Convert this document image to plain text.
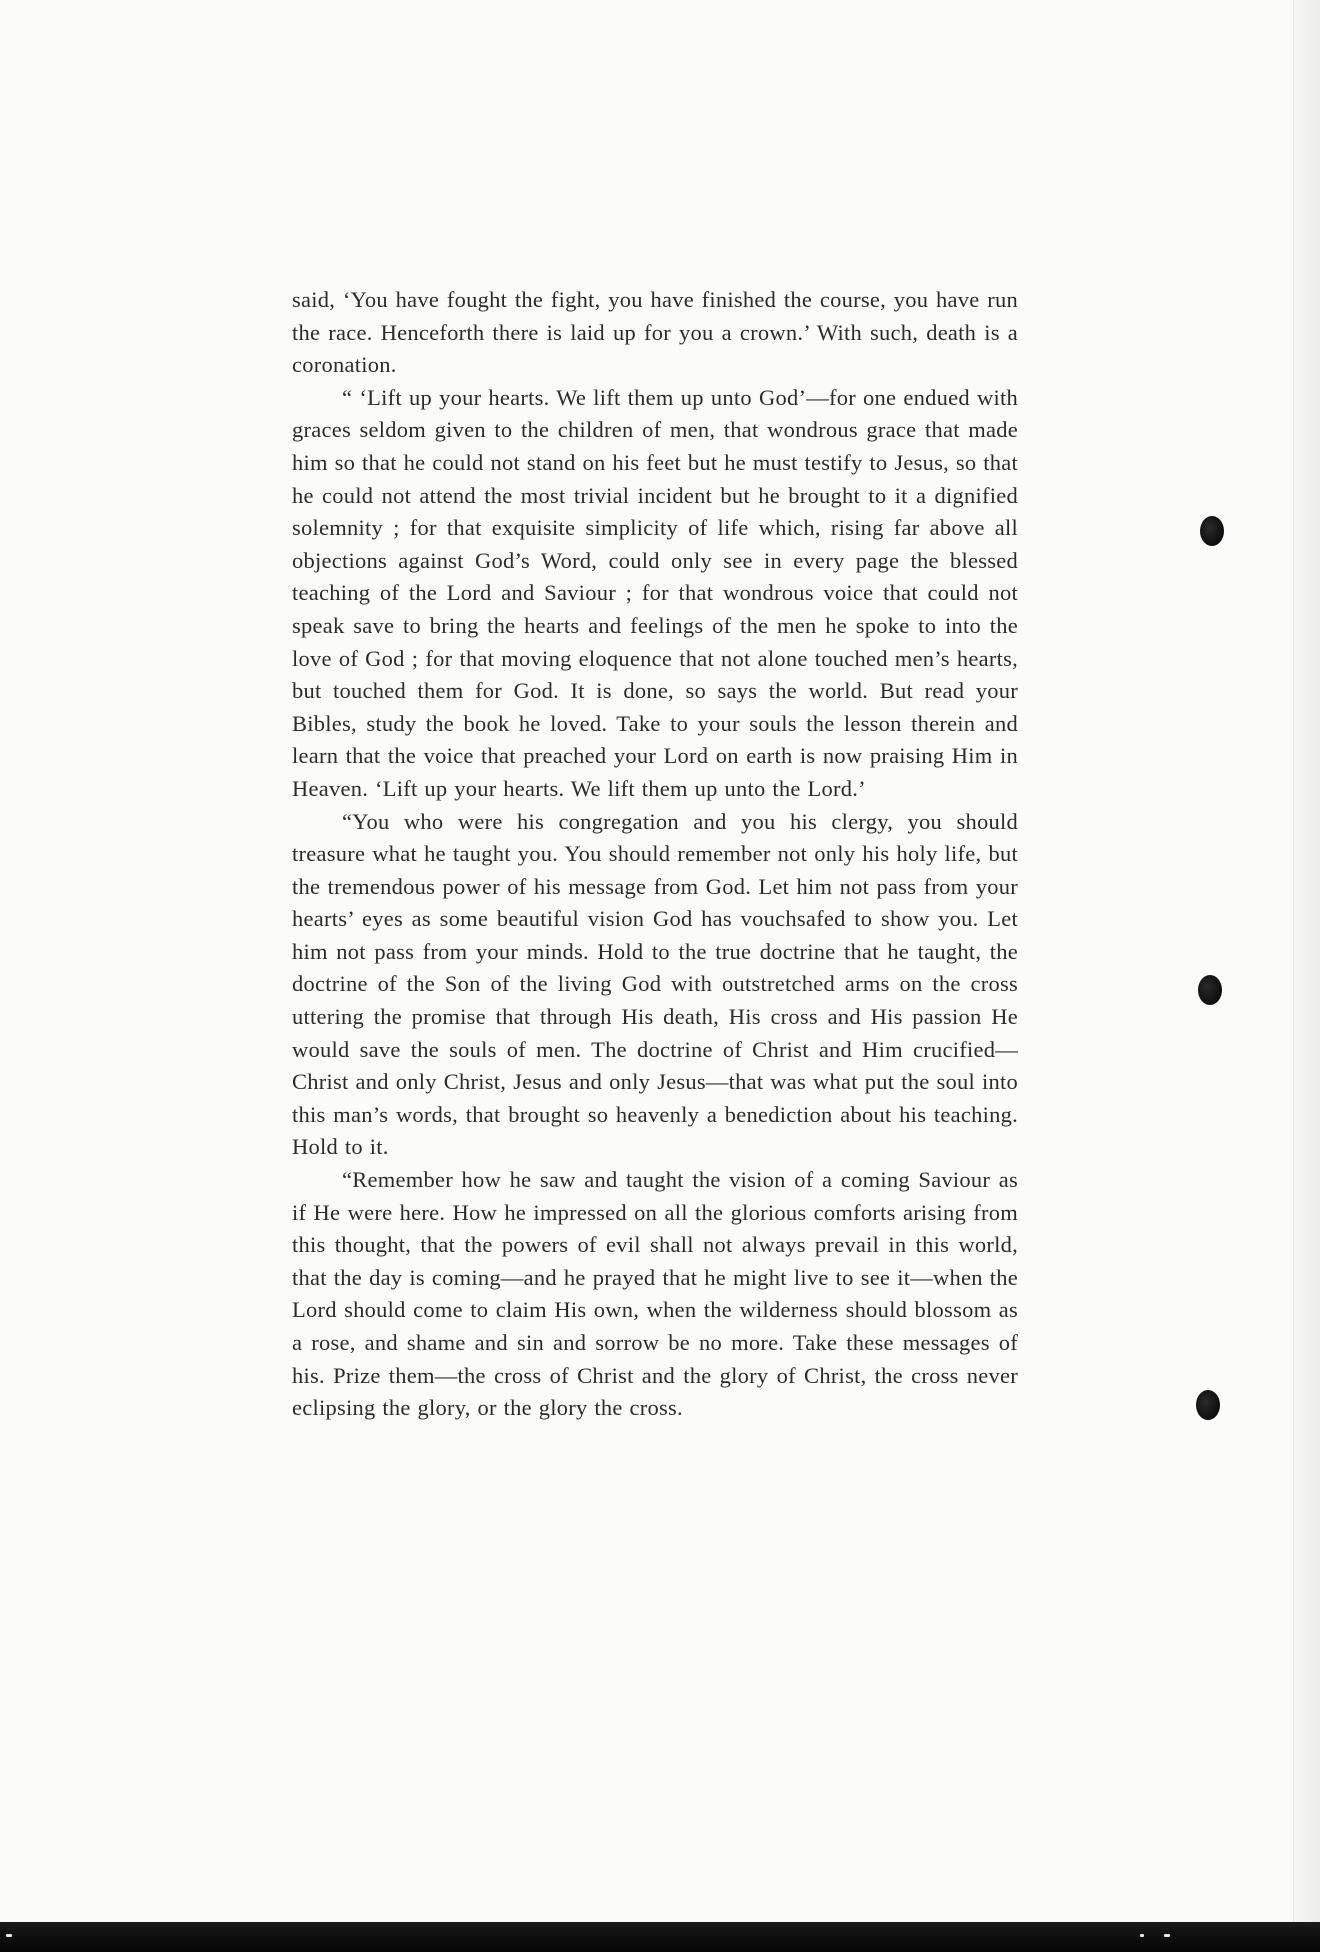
said, ‘You have fought the fight, you have finished the course, you have run the race. Henceforth there is laid up for you a crown.’ With such, death is a coronation.

“ ‘Lift up your hearts. We lift them up unto God’—for one endued with graces seldom given to the children of men, that wondrous grace that made him so that he could not stand on his feet but he must testify to Jesus, so that he could not attend the most trivial incident but he brought to it a dignified solemnity ; for that exquisite simplicity of life which, rising far above all objections against God’s Word, could only see in every page the blessed teaching of the Lord and Saviour ; for that wondrous voice that could not speak save to bring the hearts and feelings of the men he spoke to into the love of God ; for that moving eloquence that not alone touched men’s hearts, but touched them for God. It is done, so says the world. But read your Bibles, study the book he loved. Take to your souls the lesson therein and learn that the voice that preached your Lord on earth is now praising Him in Heaven. ‘Lift up your hearts. We lift them up unto the Lord.’

“You who were his congregation and you his clergy, you should treasure what he taught you. You should remember not only his holy life, but the tremendous power of his message from God. Let him not pass from your hearts’ eyes as some beautiful vision God has vouchsafed to show you. Let him not pass from your minds. Hold to the true doctrine that he taught, the doctrine of the Son of the living God with outstretched arms on the cross uttering the promise that through His death, His cross and His passion He would save the souls of men. The doctrine of Christ and Him crucified—Christ and only Christ, Jesus and only Jesus—that was what put the soul into this man’s words, that brought so heavenly a benediction about his teaching. Hold to it.

“Remember how he saw and taught the vision of a coming Saviour as if He were here. How he impressed on all the glorious comforts arising from this thought, that the powers of evil shall not always prevail in this world, that the day is coming—and he prayed that he might live to see it—when the Lord should come to claim His own, when the wilderness should blossom as a rose, and shame and sin and sorrow be no more. Take these messages of his. Prize them—the cross of Christ and the glory of Christ, the cross never eclipsing the glory, or the glory the cross.
